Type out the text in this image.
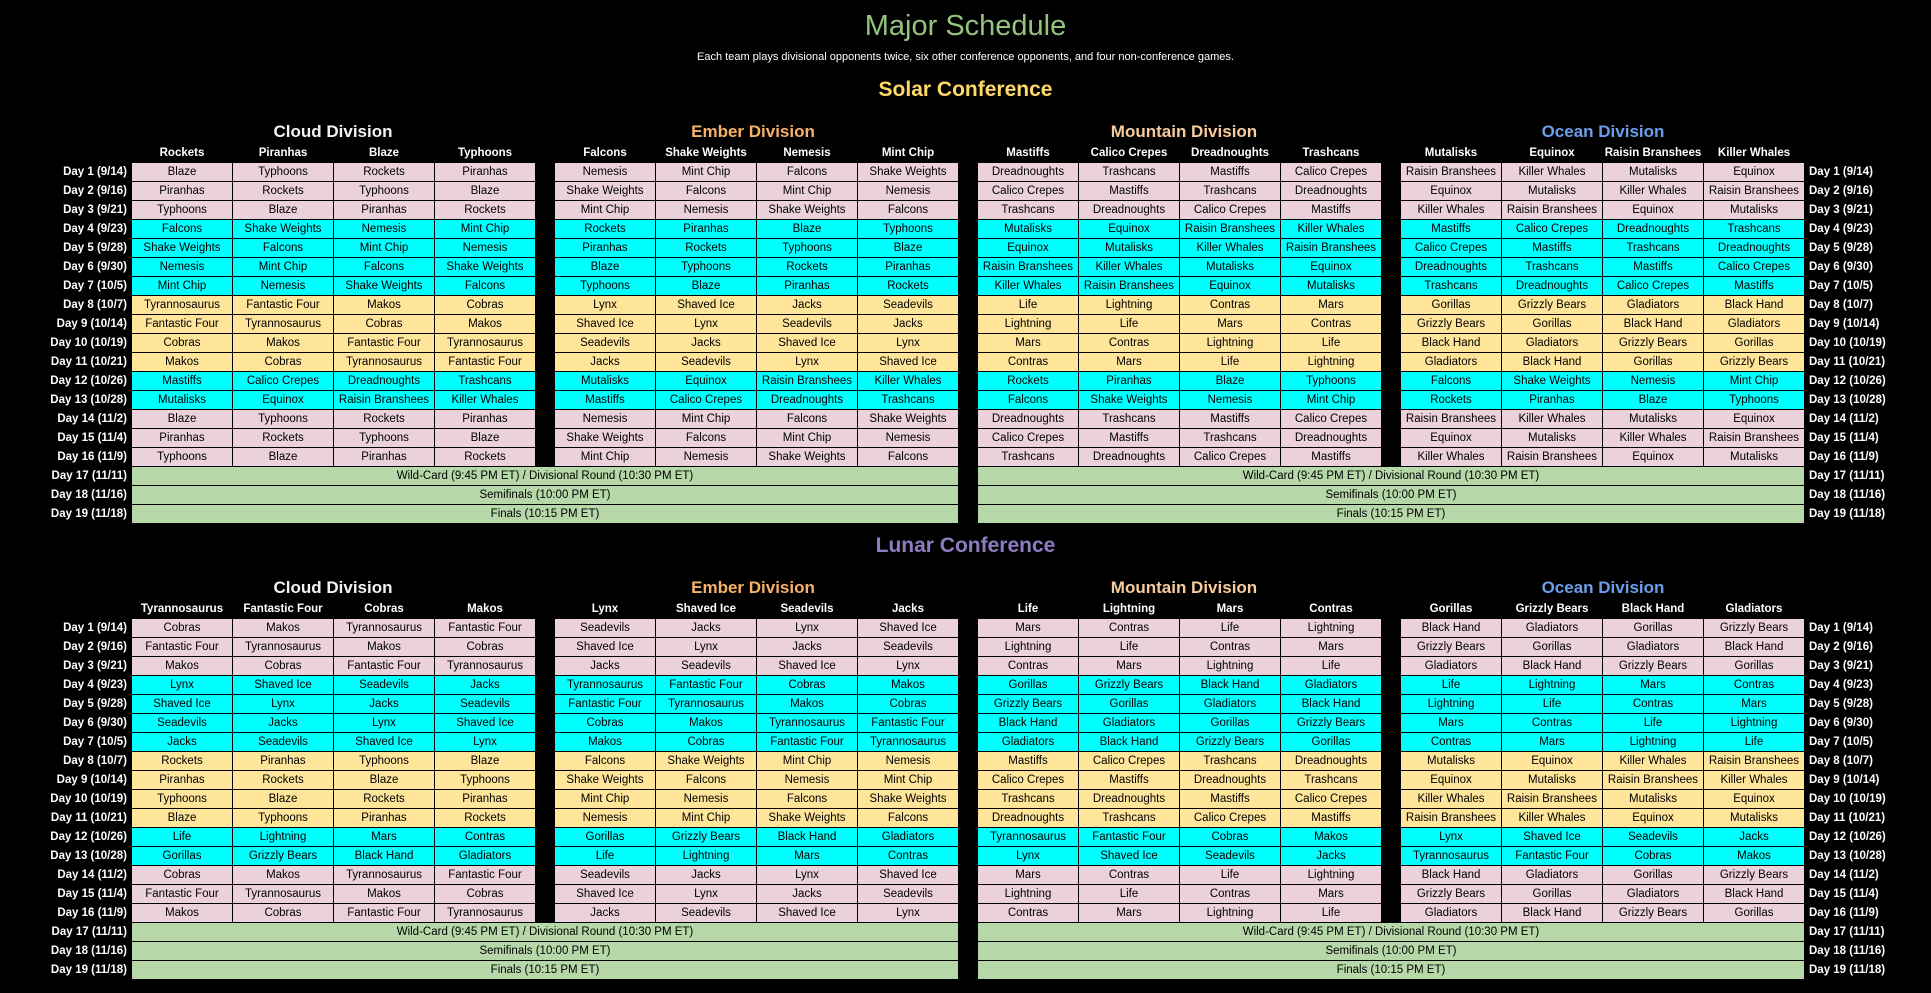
Major Schedule
Each team plays divisional opponents twice, six other conference opponents, and four non-conference games.
Solar Conference
In Division
In Conference
Out of Conference
In Division
In Conference
Out of Conference
Cloud Division	Ember Division	Mountain Division	Ocean Division
	Rockets	Piranhas	Blaze	Typhoons		Falcons	Shake Weights	Nemesis	Mint Chip		Mastiffs	Calico Crepes	Dreadnoughts	Trashcans		Mutalisks	Equinox	Raisin Branshees	Killer Whales	
Day 1 (9/14)	Blaze	Typhoons	Rockets	Piranhas		Nemesis	Mint Chip	Falcons	Shake Weights		Dreadnoughts	Trashcans	Mastiffs	Calico Crepes		Raisin Branshees	Killer Whales	Mutalisks	Equinox	Day 1 (9/14)
Day 2 (9/16)	Piranhas	Rockets	Typhoons	Blaze		Shake Weights	Falcons	Mint Chip	Nemesis		Calico Crepes	Mastiffs	Trashcans	Dreadnoughts		Equinox	Mutalisks	Killer Whales	Raisin Branshees	Day 2 (9/16)
Day 3 (9/21)	Typhoons	Blaze	Piranhas	Rockets		Mint Chip	Nemesis	Shake Weights	Falcons		Trashcans	Dreadnoughts	Calico Crepes	Mastiffs		Killer Whales	Raisin Branshees	Equinox	Mutalisks	Day 3 (9/21)
Day 4 (9/23)	Falcons	Shake Weights	Nemesis	Mint Chip		Rockets	Piranhas	Blaze	Typhoons		Mutalisks	Equinox	Raisin Branshees	Killer Whales		Mastiffs	Calico Crepes	Dreadnoughts	Trashcans	Day 4 (9/23)
Day 5 (9/28)	Shake Weights	Falcons	Mint Chip	Nemesis		Piranhas	Rockets	Typhoons	Blaze		Equinox	Mutalisks	Killer Whales	Raisin Branshees		Calico Crepes	Mastiffs	Trashcans	Dreadnoughts	Day 5 (9/28)
Day 6 (9/30)	Nemesis	Mint Chip	Falcons	Shake Weights		Blaze	Typhoons	Rockets	Piranhas		Raisin Branshees	Killer Whales	Mutalisks	Equinox		Dreadnoughts	Trashcans	Mastiffs	Calico Crepes	Day 6 (9/30)
Day 7 (10/5)	Mint Chip	Nemesis	Shake Weights	Falcons		Typhoons	Blaze	Piranhas	Rockets		Killer Whales	Raisin Branshees	Equinox	Mutalisks		Trashcans	Dreadnoughts	Calico Crepes	Mastiffs	Day 7 (10/5)
Day 8 (10/7)	Tyrannosaurus	Fantastic Four	Makos	Cobras		Lynx	Shaved Ice	Jacks	Seadevils		Life	Lightning	Contras	Mars		Gorillas	Grizzly Bears	Gladiators	Black Hand	Day 8 (10/7)
Day 9 (10/14)	Fantastic Four	Tyrannosaurus	Cobras	Makos		Shaved Ice	Lynx	Seadevils	Jacks		Lightning	Life	Mars	Contras		Grizzly Bears	Gorillas	Black Hand	Gladiators	Day 9 (10/14)
Day 10 (10/19)	Cobras	Makos	Fantastic Four	Tyrannosaurus		Seadevils	Jacks	Shaved Ice	Lynx		Mars	Contras	Lightning	Life		Black Hand	Gladiators	Grizzly Bears	Gorillas	Day 10 (10/19)
Day 11 (10/21)	Makos	Cobras	Tyrannosaurus	Fantastic Four		Jacks	Seadevils	Lynx	Shaved Ice		Contras	Mars	Life	Lightning		Gladiators	Black Hand	Gorillas	Grizzly Bears	Day 11 (10/21)
Day 12 (10/26)	Mastiffs	Calico Crepes	Dreadnoughts	Trashcans		Mutalisks	Equinox	Raisin Branshees	Killer Whales		Rockets	Piranhas	Blaze	Typhoons		Falcons	Shake Weights	Nemesis	Mint Chip	Day 12 (10/26)
Day 13 (10/28)	Mutalisks	Equinox	Raisin Branshees	Killer Whales		Mastiffs	Calico Crepes	Dreadnoughts	Trashcans		Falcons	Shake Weights	Nemesis	Mint Chip		Rockets	Piranhas	Blaze	Typhoons	Day 13 (10/28)
Day 14 (11/2)	Blaze	Typhoons	Rockets	Piranhas		Nemesis	Mint Chip	Falcons	Shake Weights		Dreadnoughts	Trashcans	Mastiffs	Calico Crepes		Raisin Branshees	Killer Whales	Mutalisks	Equinox	Day 14 (11/2)
Day 15 (11/4)	Piranhas	Rockets	Typhoons	Blaze		Shake Weights	Falcons	Mint Chip	Nemesis		Calico Crepes	Mastiffs	Trashcans	Dreadnoughts		Equinox	Mutalisks	Killer Whales	Raisin Branshees	Day 15 (11/4)
Day 16 (11/9)	Typhoons	Blaze	Piranhas	Rockets		Mint Chip	Nemesis	Shake Weights	Falcons		Trashcans	Dreadnoughts	Calico Crepes	Mastiffs		Killer Whales	Raisin Branshees	Equinox	Mutalisks	Day 16 (11/9)
Day 17 (11/11)	Wild-Card (9:45 PM ET) / Divisional Round (10:30 PM ET)										Wild-Card (9:45 PM ET) / Divisional Round (10:30 PM ET)									Day 17 (11/11)
Day 18 (11/16)	Semifinals (10:00 PM ET)										Semifinals (10:00 PM ET)									Day 18 (11/16)
Day 19 (11/18)	Finals (10:15 PM ET)										Finals (10:15 PM ET)									Day 19 (11/18)
Lunar Conference
In Division
In Conference
Out of Conference
In Division
In Conference
Out of Conference
Cloud Division	Ember Division	Mountain Division	Ocean Division
	Tyrannosaurus	Fantastic Four	Cobras	Makos		Lynx	Shaved Ice	Seadevils	Jacks		Life	Lightning	Mars	Contras		Gorillas	Grizzly Bears	Black Hand	Gladiators	
Day 1 (9/14)	Cobras	Makos	Tyrannosaurus	Fantastic Four		Seadevils	Jacks	Lynx	Shaved Ice		Mars	Contras	Life	Lightning		Black Hand	Gladiators	Gorillas	Grizzly Bears	Day 1 (9/14)
Day 2 (9/16)	Fantastic Four	Tyrannosaurus	Makos	Cobras		Shaved Ice	Lynx	Jacks	Seadevils		Lightning	Life	Contras	Mars		Grizzly Bears	Gorillas	Gladiators	Black Hand	Day 2 (9/16)
Day 3 (9/21)	Makos	Cobras	Fantastic Four	Tyrannosaurus		Jacks	Seadevils	Shaved Ice	Lynx		Contras	Mars	Lightning	Life		Gladiators	Black Hand	Grizzly Bears	Gorillas	Day 3 (9/21)
Day 4 (9/23)	Lynx	Shaved Ice	Seadevils	Jacks		Tyrannosaurus	Fantastic Four	Cobras	Makos		Gorillas	Grizzly Bears	Black Hand	Gladiators		Life	Lightning	Mars	Contras	Day 4 (9/23)
Day 5 (9/28)	Shaved Ice	Lynx	Jacks	Seadevils		Fantastic Four	Tyrannosaurus	Makos	Cobras		Grizzly Bears	Gorillas	Gladiators	Black Hand		Lightning	Life	Contras	Mars	Day 5 (9/28)
Day 6 (9/30)	Seadevils	Jacks	Lynx	Shaved Ice		Cobras	Makos	Tyrannosaurus	Fantastic Four		Black Hand	Gladiators	Gorillas	Grizzly Bears		Mars	Contras	Life	Lightning	Day 6 (9/30)
Day 7 (10/5)	Jacks	Seadevils	Shaved Ice	Lynx		Makos	Cobras	Fantastic Four	Tyrannosaurus		Gladiators	Black Hand	Grizzly Bears	Gorillas		Contras	Mars	Lightning	Life	Day 7 (10/5)
Day 8 (10/7)	Rockets	Piranhas	Typhoons	Blaze		Falcons	Shake Weights	Mint Chip	Nemesis		Mastiffs	Calico Crepes	Trashcans	Dreadnoughts		Mutalisks	Equinox	Killer Whales	Raisin Branshees	Day 8 (10/7)
Day 9 (10/14)	Piranhas	Rockets	Blaze	Typhoons		Shake Weights	Falcons	Nemesis	Mint Chip		Calico Crepes	Mastiffs	Dreadnoughts	Trashcans		Equinox	Mutalisks	Raisin Branshees	Killer Whales	Day 9 (10/14)
Day 10 (10/19)	Typhoons	Blaze	Rockets	Piranhas		Mint Chip	Nemesis	Falcons	Shake Weights		Trashcans	Dreadnoughts	Mastiffs	Calico Crepes		Killer Whales	Raisin Branshees	Mutalisks	Equinox	Day 10 (10/19)
Day 11 (10/21)	Blaze	Typhoons	Piranhas	Rockets		Nemesis	Mint Chip	Shake Weights	Falcons		Dreadnoughts	Trashcans	Calico Crepes	Mastiffs		Raisin Branshees	Killer Whales	Equinox	Mutalisks	Day 11 (10/21)
Day 12 (10/26)	Life	Lightning	Mars	Contras		Gorillas	Grizzly Bears	Black Hand	Gladiators		Tyrannosaurus	Fantastic Four	Cobras	Makos		Lynx	Shaved Ice	Seadevils	Jacks	Day 12 (10/26)
Day 13 (10/28)	Gorillas	Grizzly Bears	Black Hand	Gladiators		Life	Lightning	Mars	Contras		Lynx	Shaved Ice	Seadevils	Jacks		Tyrannosaurus	Fantastic Four	Cobras	Makos	Day 13 (10/28)
Day 14 (11/2)	Cobras	Makos	Tyrannosaurus	Fantastic Four		Seadevils	Jacks	Lynx	Shaved Ice		Mars	Contras	Life	Lightning		Black Hand	Gladiators	Gorillas	Grizzly Bears	Day 14 (11/2)
Day 15 (11/4)	Fantastic Four	Tyrannosaurus	Makos	Cobras		Shaved Ice	Lynx	Jacks	Seadevils		Lightning	Life	Contras	Mars		Grizzly Bears	Gorillas	Gladiators	Black Hand	Day 15 (11/4)
Day 16 (11/9)	Makos	Cobras	Fantastic Four	Tyrannosaurus		Jacks	Seadevils	Shaved Ice	Lynx		Contras	Mars	Lightning	Life		Gladiators	Black Hand	Grizzly Bears	Gorillas	Day 16 (11/9)
Day 17 (11/11)	Wild-Card (9:45 PM ET) / Divisional Round (10:30 PM ET)										Wild-Card (9:45 PM ET) / Divisional Round (10:30 PM ET)									Day 17 (11/11)
Day 18 (11/16)	Semifinals (10:00 PM ET)										Semifinals (10:00 PM ET)									Day 18 (11/16)
Day 19 (11/18)	Finals (10:15 PM ET)										Finals (10:15 PM ET)									Day 19 (11/18)
